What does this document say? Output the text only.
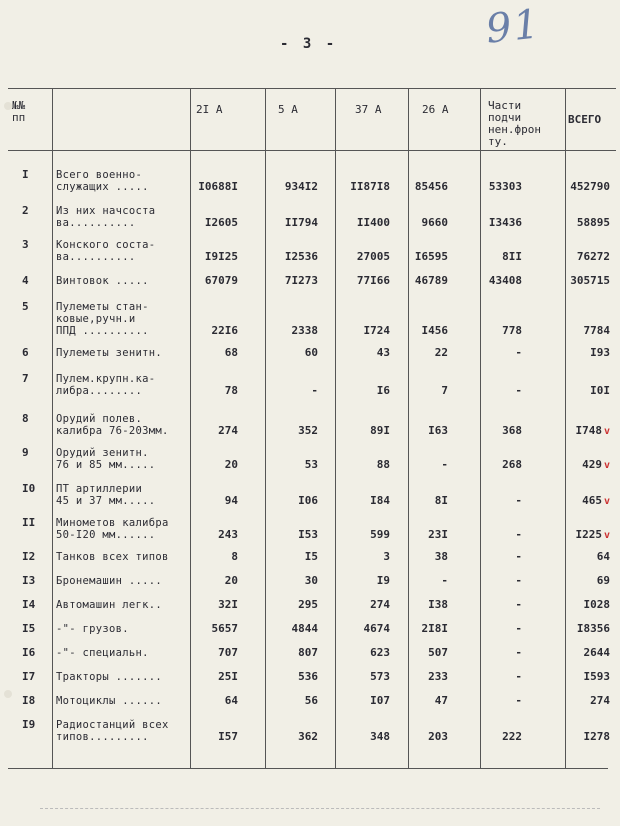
91
- 3 -
№№
пп
2I А	5 А	37 А	26 А	Части
подчи
нен.фрон
ту.
ВСЕГО
I	Всего военно-
служащих .....	I0688I	934I2	II87I8 85456	53303	452790
2	Из них начсоста
ва..........	I2605	II794	II400	9660	I3436	58895
3	Конского соста-
ва..........	I9I25	I2536	27005 I6595	8II	76272
4	Винтовок .....	67079	7I273	77I66 46789	43408	305715
5	Пулеметы стан-
ковые,ручн.и
ППД ..........	22I6	2338	I724	I456	778	7784
6	Пулеметы зенитн.	68	60	43	22	-	I93
7	Пулем.крупн.ка-
либра........	78	-	I6	7	-	I0I
8	Орудий полев.
калибра 76-203мм.	274	352	89I	I63	368	I748 v
9	Орудий зенитн.
76 и 85 мм.....	20	53	88	-	268	429 v
I0 ПТ артиллерии
45 и 37 мм.....	94	I06	I84	8I	-	465 v
II Минометов калибра
50-I20 мм......	243	I53	599	23I	-	I225 v
I2 Танков всех типов	8	I5	3	38	-	64
I3 Бронемашин .....	20	30	I9	-	-	69
I4 Автомашин легк..	32I	295	274	I38	-	I028
I5 -"- грузов.	5657	4844	4674	2I8I	-	I8356
I6 -"- специальн.	707	807	623	507	-	2644
I7 Тракторы .......	25I	536	573	233	-	I593
I8 Мотоциклы ......	64	56	I07	47	-	274
I9 Радиостанций всех
типов.........	I57	362	348	203	222	I278
